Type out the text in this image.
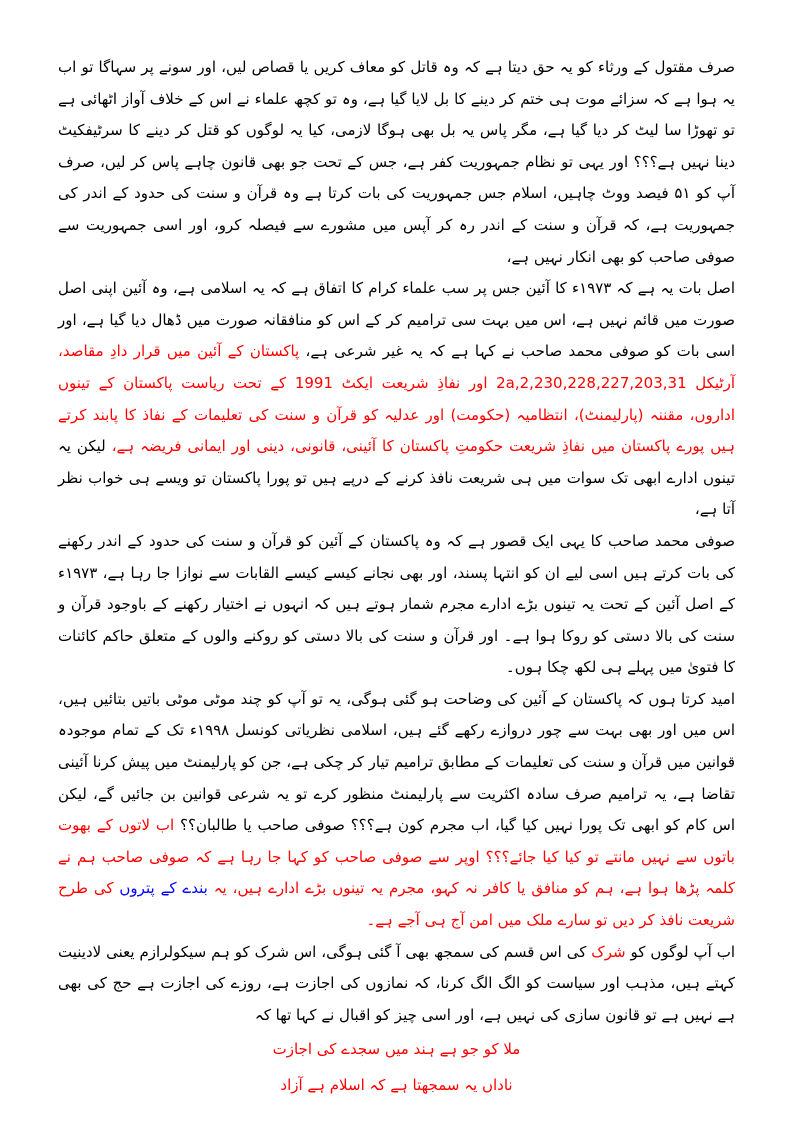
صرف مقتول کے ورثاء کو یہ حق دیتا ہے کہ وہ قاتل کو معاف کریں یا قصاص لیں، اور سونے پر سہاگا تو اب یہ ہوا ہے کہ سزائے موت ہی ختم کر دینے کا بل لایا گیا ہے، وہ تو کچھ علماء نے اس کے خلاف آواز اٹھائی ہے تو تھوڑا سا لیٹ کر دیا گیا ہے، مگر پاس یہ بل بھی ہوگا لازمی، کیا یہ لوگوں کو قتل کر دینے کا سرٹیفکیٹ دینا نہیں ہے؟؟؟ اور یہی تو نظام جمہوریت کفر ہے، جس کے تحت جو بھی قانون چاہے پاس کر لیں، صرف آپ کو ۵۱ فیصد ووٹ چاہیں، اسلام جس جمہوریت کی بات کرتا ہے وہ قرآن و سنت کی حدود کے اندر کی جمہوریت ہے، کہ قرآن و سنت کے اندر رہ کر آپس میں مشورے سے فیصلہ کرو، اور اسی جمہوریت سے صوفی صاحب کو بھی انکار نہیں ہے،

اصل بات یہ ہے کہ ۱۹۷۳ء کا آئین جس پر سب علماء کرام کا اتفاق ہے کہ یہ اسلامی ہے، وہ آئین اپنی اصل صورت میں قائم نہیں ہے، اس میں بہت سی ترامیم کر کے اس کو منافقانہ صورت میں ڈھال دیا گیا ہے، اور اسی بات کو صوفی محمد صاحب نے کہا ہے کہ یہ غیر شرعی ہے، پاکستان کے آئین میں قرار دادِ مقاصد، آرٹیکل 2a,2,230,228,227,203,31 اور نفاذِ شریعت ایکٹ 1991 کے تحت ریاست پاکستان کے تینوں اداروں، مقننہ (پارلیمنٹ)، انتظامیہ (حکومت) اور عدلیہ کو قرآن و سنت کی تعلیمات کے نفاذ کا پابند کرتے ہیں پورے پاکستان میں نفاذِ شریعت حکومتِ پاکستان کا آئینی، قانونی، دینی اور ایمانی فریضہ ہے، لیکن یہ تینوں ادارے ابھی تک سوات میں ہی شریعت نافذ کرنے کے درپے ہیں تو پورا پاکستان تو ویسے ہی خواب نظر آتا ہے،

صوفی محمد صاحب کا یہی ایک قصور ہے کہ وہ پاکستان کے آئین کو قرآن و سنت کی حدود کے اندر رکھنے کی بات کرتے ہیں اسی لیے ان کو انتہا پسند، اور بھی نجانے کیسے کیسے القابات سے نوازا جا رہا ہے، ۱۹۷۳ء کے اصل آئین کے تحت یہ تینوں بڑے ادارے مجرم شمار ہوتے ہیں کہ انہوں نے اختیار رکھنے کے باوجود قرآن و سنت کی بالا دستی کو روکا ہوا ہے۔ اور قرآن و سنت کی بالا دستی کو روکنے والوں کے متعلق حاکم کائنات کا فتویٰ میں پہلے ہی لکھ چکا ہوں۔

امید کرتا ہوں کہ پاکستان کے آئین کی وضاحت ہو گئی ہوگی، یہ تو آپ کو چند موٹی موٹی باتیں بتائیں ہیں، اس میں اور بھی بہت سے چور دروازے رکھے گئے ہیں، اسلامی نظریاتی کونسل ۱۹۹۸ء تک کے تمام موجودہ قوانین میں قرآن و سنت کی تعلیمات کے مطابق ترامیم تیار کر چکی ہے، جن کو پارلیمنٹ میں پیش کرنا آئینی تقاضا ہے، یہ ترامیم صرف سادہ اکثریت سے پارلیمنٹ منظور کرے تو یہ شرعی قوانین بن جائیں گے، لیکن اس کام کو ابھی تک پورا نہیں کیا گیا، اب مجرم کون ہے؟؟؟ صوفی صاحب یا طالبان؟؟ اب لاتوں کے بھوت باتوں سے نہیں مانتے تو کیا کیا جائے؟؟؟ اوپر سے صوفی صاحب کو کہا جا رہا ہے کہ صوفی صاحب ہم نے کلمہ پڑھا ہوا ہے، ہم کو منافق یا کافر نہ کہو، مجرم یہ تینوں بڑے ادارے ہیں، یہ بندے کے پتروں کی طرح شریعت نافذ کر دیں تو سارے ملک میں امن آج ہی آجے ہے۔

اب آپ لوگوں کو شرک کی اس قسم کی سمجھ بھی آ گئی ہوگی، اس شرک کو ہم سیکولرازم یعنی لادینیت کہتے ہیں، مذہب اور سیاست کو الگ الگ کرنا، کہ نمازوں کی اجازت ہے، روزے کی اجازت ہے حج کی بھی ہے نہیں ہے تو قانون سازی کی نہیں ہے، اور اسی چیز کو اقبال نے کہا تھا کہ

ملا کو جو ہے ہند میں سجدے کی اجازت

ناداں یہ سمجھتا ہے کہ اسلام ہے آزاد
